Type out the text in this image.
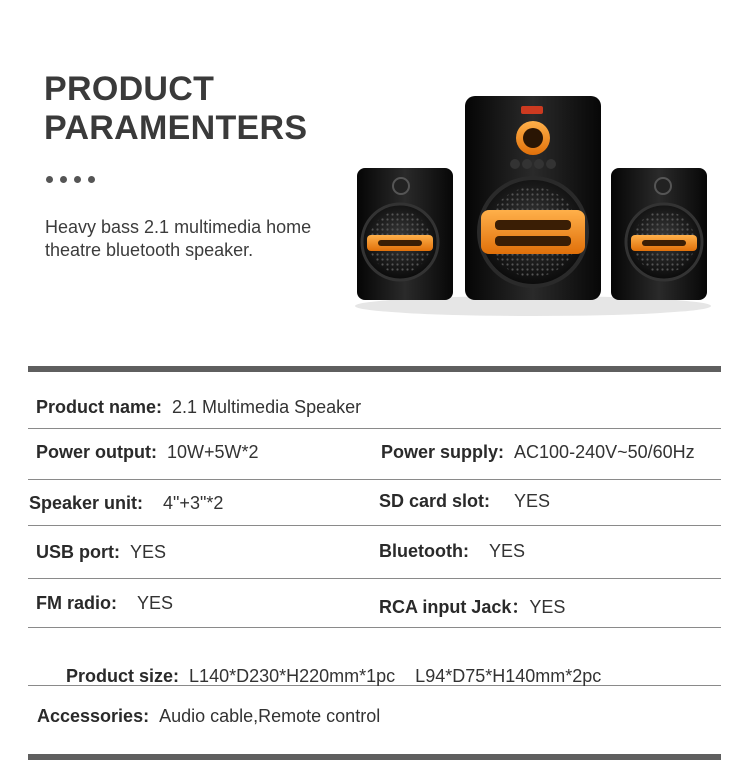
PRODUCT
PARAMENTERS
Heavy bass 2.1 multimedia home theatre bluetooth speaker.
Product name: 2.1 Multimedia Speaker
Power output: 10W+5W*2	Power supply: AC100-240V~50/60Hz
Speaker unit: 4"+3"*2	SD card slot: YES
USB port: YES	Bluetooth: YES
FM radio: YES	RCA input Jack：YES

Product size: L140*D230*H220mm*1pc    L94*D75*H140mm*2pc

Accessories: Audio cable,Remote control
